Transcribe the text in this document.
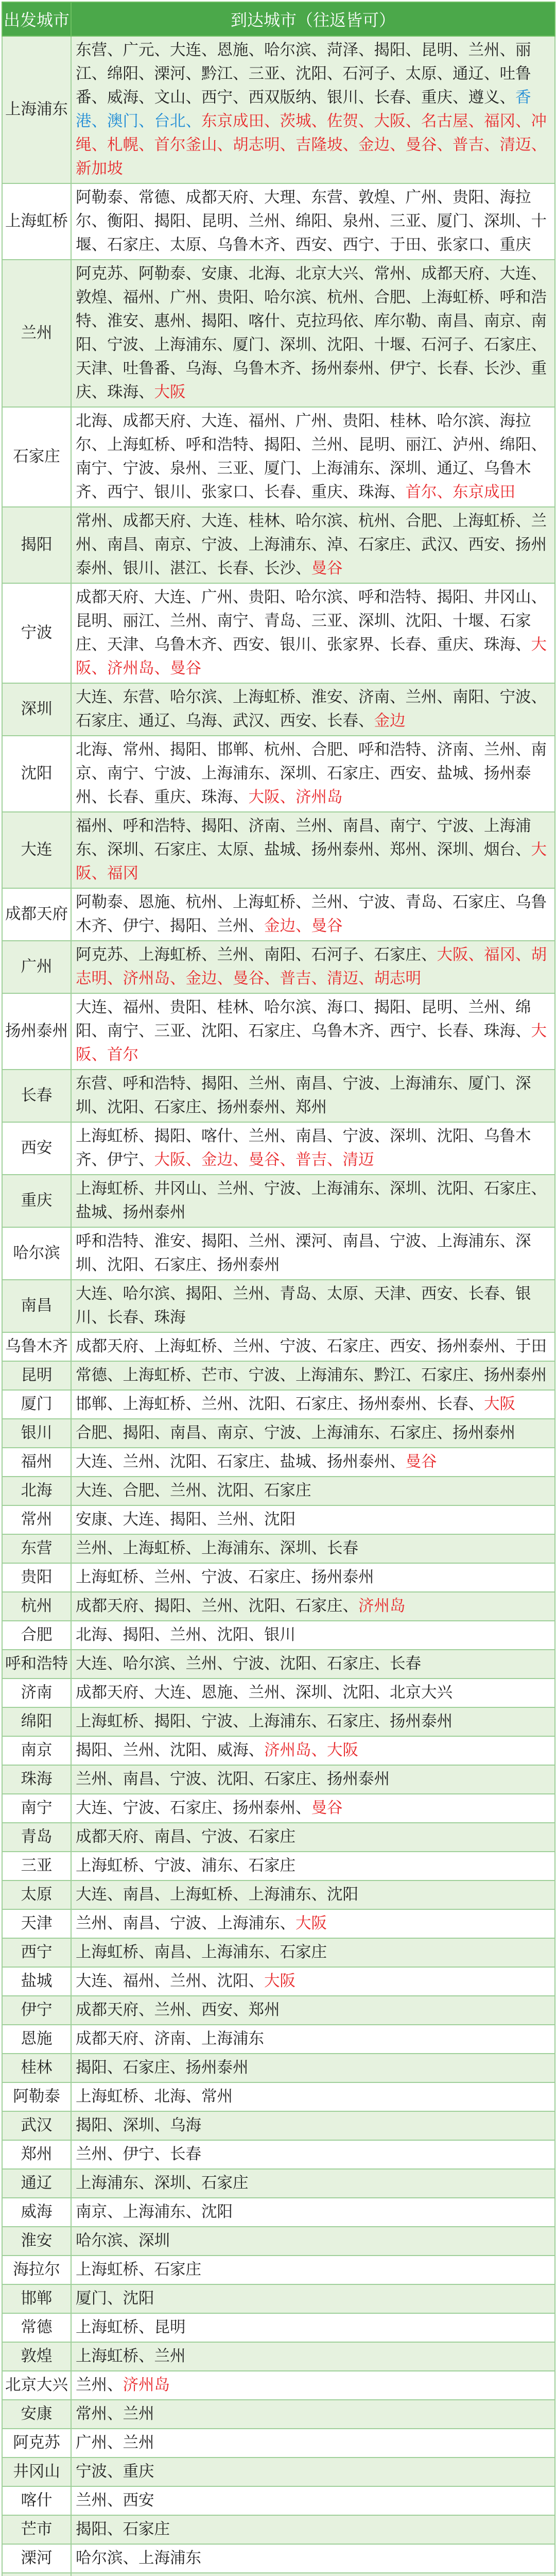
出发城市	到达城市（往返皆可）
上海浦东	东营、广元、大连、恩施、哈尔滨、菏泽、揭阳、昆明、兰州、丽江、绵阳、溧河、黔江、三亚、沈阳、石河子、太原、通辽、吐鲁番、威海、文山、西宁、西双版纳、银川、长春、重庆、遵义、香港、澳门、台北、东京成田、茨城、佐贺、大阪、名古屋、福冈、冲绳、札幌、首尔釜山、胡志明、吉隆坡、金边、曼谷、普吉、清迈、新加坡
上海虹桥	阿勒泰、常德、成都天府、大理、东营、敦煌、广州、贵阳、海拉尔、衡阳、揭阳、昆明、兰州、绵阳、泉州、三亚、厦门、深圳、十堰、石家庄、太原、乌鲁木齐、西安、西宁、于田、张家口、重庆
兰州	阿克苏、阿勒泰、安康、北海、北京大兴、常州、成都天府、大连、敦煌、福州、广州、贵阳、哈尔滨、杭州、合肥、上海虹桥、呼和浩特、淮安、惠州、揭阳、喀什、克拉玛依、库尔勒、南昌、南京、南阳、宁波、上海浦东、厦门、深圳、沈阳、十堰、石河子、石家庄、天津、吐鲁番、乌海、乌鲁木齐、扬州泰州、伊宁、长春、长沙、重庆、珠海、大阪
石家庄	北海、成都天府、大连、福州、广州、贵阳、桂林、哈尔滨、海拉尔、上海虹桥、呼和浩特、揭阳、兰州、昆明、丽江、泸州、绵阳、南宁、宁波、泉州、三亚、厦门、上海浦东、深圳、通辽、乌鲁木齐、西宁、银川、张家口、长春、重庆、珠海、首尔、东京成田
揭阳	常州、成都天府、大连、桂林、哈尔滨、杭州、合肥、上海虹桥、兰州、南昌、南京、宁波、上海浦东、淖、石家庄、武汉、西安、扬州泰州、银川、湛江、长春、长沙、曼谷
宁波	成都天府、大连、广州、贵阳、哈尔滨、呼和浩特、揭阳、井冈山、昆明、丽江、兰州、南宁、青岛、三亚、深圳、沈阳、十堰、石家庄、天津、乌鲁木齐、西安、银川、张家界、长春、重庆、珠海、大阪、济州岛、曼谷
深圳	大连、东营、哈尔滨、上海虹桥、淮安、济南、兰州、南阳、宁波、石家庄、通辽、乌海、武汉、西安、长春、金边
沈阳	北海、常州、揭阳、邯郸、杭州、合肥、呼和浩特、济南、兰州、南京、南宁、宁波、上海浦东、深圳、石家庄、西安、盐城、扬州泰州、长春、重庆、珠海、大阪、济州岛
大连	福州、呼和浩特、揭阳、济南、兰州、南昌、南宁、宁波、上海浦东、深圳、石家庄、太原、盐城、扬州泰州、郑州、深圳、烟台、大阪、福冈
成都天府	阿勒泰、恩施、杭州、上海虹桥、兰州、宁波、青岛、石家庄、乌鲁木齐、伊宁、揭阳、兰州、金边、曼谷
广州	阿克苏、上海虹桥、兰州、南阳、石河子、石家庄、大阪、福冈、胡志明、济州岛、金边、曼谷、普吉、清迈、胡志明
扬州泰州	大连、福州、贵阳、桂林、哈尔滨、海口、揭阳、昆明、兰州、绵阳、南宁、三亚、沈阳、石家庄、乌鲁木齐、西宁、长春、珠海、大阪、首尔
长春	东营、呼和浩特、揭阳、兰州、南昌、宁波、上海浦东、厦门、深圳、沈阳、石家庄、扬州泰州、郑州
西安	上海虹桥、揭阳、喀什、兰州、南昌、宁波、深圳、沈阳、乌鲁木齐、伊宁、大阪、金边、曼谷、普吉、清迈
重庆	上海虹桥、井冈山、兰州、宁波、上海浦东、深圳、沈阳、石家庄、盐城、扬州泰州
哈尔滨	呼和浩特、淮安、揭阳、兰州、溧河、南昌、宁波、上海浦东、深圳、沈阳、石家庄、扬州泰州
南昌	大连、哈尔滨、揭阳、兰州、青岛、太原、天津、西安、长春、银川、长春、珠海
乌鲁木齐	成都天府、上海虹桥、兰州、宁波、石家庄、西安、扬州泰州、于田
昆明	常德、上海虹桥、芒市、宁波、上海浦东、黔江、石家庄、扬州泰州
厦门	邯郸、上海虹桥、兰州、沈阳、石家庄、扬州泰州、长春、大阪
银川	合肥、揭阳、南昌、南京、宁波、上海浦东、石家庄、扬州泰州
福州	大连、兰州、沈阳、石家庄、盐城、扬州泰州、曼谷
北海	大连、合肥、兰州、沈阳、石家庄
常州	安康、大连、揭阳、兰州、沈阳
东营	兰州、上海虹桥、上海浦东、深圳、长春
贵阳	上海虹桥、兰州、宁波、石家庄、扬州泰州
杭州	成都天府、揭阳、兰州、沈阳、石家庄、济州岛
合肥	北海、揭阳、兰州、沈阳、银川
呼和浩特	大连、哈尔滨、兰州、宁波、沈阳、石家庄、长春
济南	成都天府、大连、恩施、兰州、深圳、沈阳、北京大兴
绵阳	上海虹桥、揭阳、宁波、上海浦东、石家庄、扬州泰州
南京	揭阳、兰州、沈阳、威海、济州岛、大阪
珠海	兰州、南昌、宁波、沈阳、石家庄、扬州泰州
南宁	大连、宁波、石家庄、扬州泰州、曼谷
青岛	成都天府、南昌、宁波、石家庄
三亚	上海虹桥、宁波、浦东、石家庄
太原	大连、南昌、上海虹桥、上海浦东、沈阳
天津	兰州、南昌、宁波、上海浦东、大阪
西宁	上海虹桥、南昌、上海浦东、石家庄
盐城	大连、福州、兰州、沈阳、大阪
伊宁	成都天府、兰州、西安、郑州
恩施	成都天府、济南、上海浦东
桂林	揭阳、石家庄、扬州泰州
阿勒泰	上海虹桥、北海、常州
武汉	揭阳、深圳、乌海
郑州	兰州、伊宁、长春
通辽	上海浦东、深圳、石家庄
威海	南京、上海浦东、沈阳
淮安	哈尔滨、深圳
海拉尔	上海虹桥、石家庄
邯郸	厦门、沈阳
常德	上海虹桥、昆明
敦煌	上海虹桥、兰州
北京大兴	兰州、济州岛
安康	常州、兰州
阿克苏	广州、兰州
井冈山	宁波、重庆
喀什	兰州、西安
芒市	揭阳、石家庄
溧河	哈尔滨、上海浦东
